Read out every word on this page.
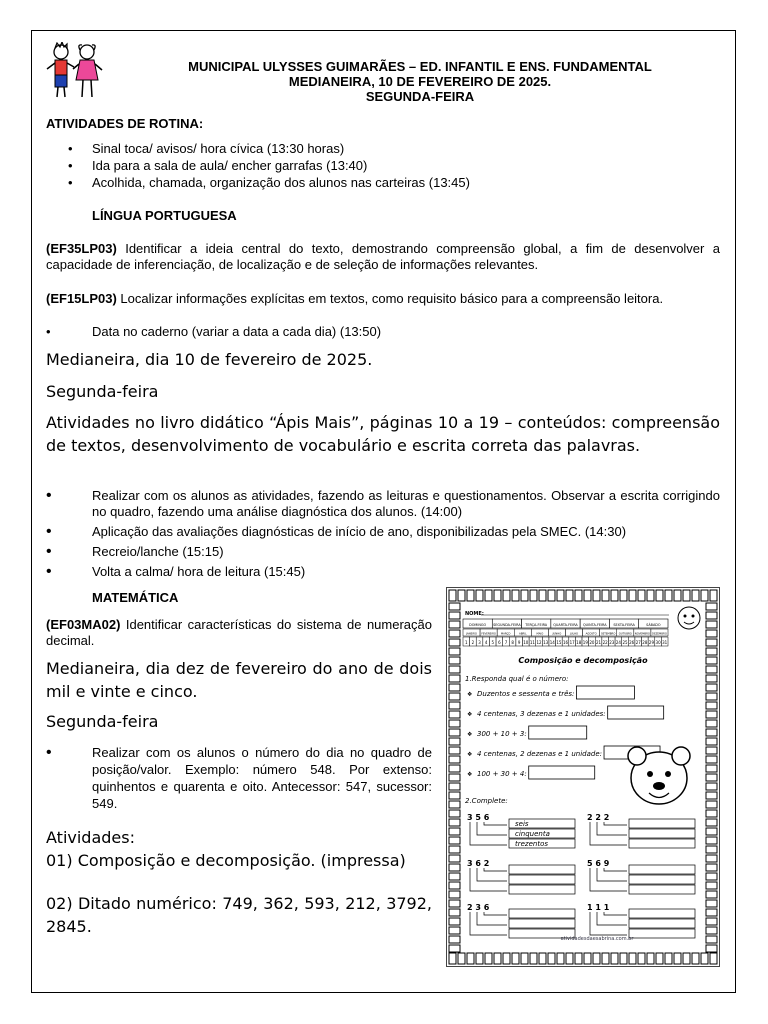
MUNICIPAL ULYSSES GUIMARÃES – ED. INFANTIL E ENS. FUNDAMENTAL
MEDIANEIRA, 10 DE FEVEREIRO DE 2025.
SEGUNDA-FEIRA
ATIVIDADES DE ROTINA:
• Sinal toca/ avisos/ hora cívica (13:30 horas)
• Ida para a sala de aula/ encher garrafas (13:40)
• Acolhida, chamada, organização dos alunos nas carteiras (13:45)
LÍNGUA PORTUGUESA
(EF35LP03) Identificar a ideia central do texto, demostrando compreensão global, a fim de desenvolver a capacidade de inferenciação, de localização e de seleção de informações relevantes.
(EF15LP03) Localizar informações explícitas em textos, como requisito básico para a compreensão leitora.
• Data no caderno (variar a data a cada dia) (13:50)
Medianeira, dia 10 de fevereiro de 2025.
Segunda-feira
Atividades no livro didático “Ápis Mais”, páginas 10 a 19 – conteúdos: compreensão de textos, desenvolvimento de vocabulário e escrita correta das palavras.
• Realizar com os alunos as atividades, fazendo as leituras e questionamentos. Observar a escrita corrigindo no quadro, fazendo uma análise diagnóstica dos alunos. (14:00)
• Aplicação das avaliações diagnósticas de início de ano, disponibilizadas pela SMEC. (14:30)
• Recreio/lanche (15:15)
• Volta a calma/ hora de leitura (15:45)
MATEMÁTICA
(EF03MA02) Identificar características do sistema de numeração decimal.
Medianeira, dia dez de fevereiro do ano de dois mil e vinte e cinco.
Segunda-feira
• Realizar com os alunos o número do dia no quadro de posição/valor. Exemplo: número 548. Por extenso: quinhentos e quarenta e oito. Antecessor: 547, sucessor: 549.
Atividades:
01) Composição e decomposição. (impressa)
02) Ditado numérico: 749, 362, 593, 212, 3792, 2845.
NOME:
DOMINGO SEGUNDA-FEIRA TERÇA-FEIRA QUARTA-FEIRA QUINTA-FEIRA SEXTA-FEIRA	SÁBADO
JANEIRO FEVEREIRO MARÇO	ABRIL	MAIO	JUNHO	JULHO	AGOSTO SETEMBRO OUTUBRO NOVEMBRO DEZEMBRO
1 2 3 4 5 6 7 8 9 10 11 12 13 14 15 16 17 18 19 20 21 22 23 24 25 26 27 28 29 30 31
Composição e decomposição
1.Responda qual é o número:
❖ Duzentos e sessenta e três:
❖ 4 centenas, 3 dezenas e 1 unidades:
❖ 300 + 10 + 3:
❖ 4 centenas, 2 dezenas e 1 unidade:
❖ 100 + 30 + 4:
2.Complete:
3 5 6
seis
cinquenta
trezentos
2 2 2
3 6 2	5 6 9
2 3 6	1 1 1
atividadesdaesabrina.com.br
